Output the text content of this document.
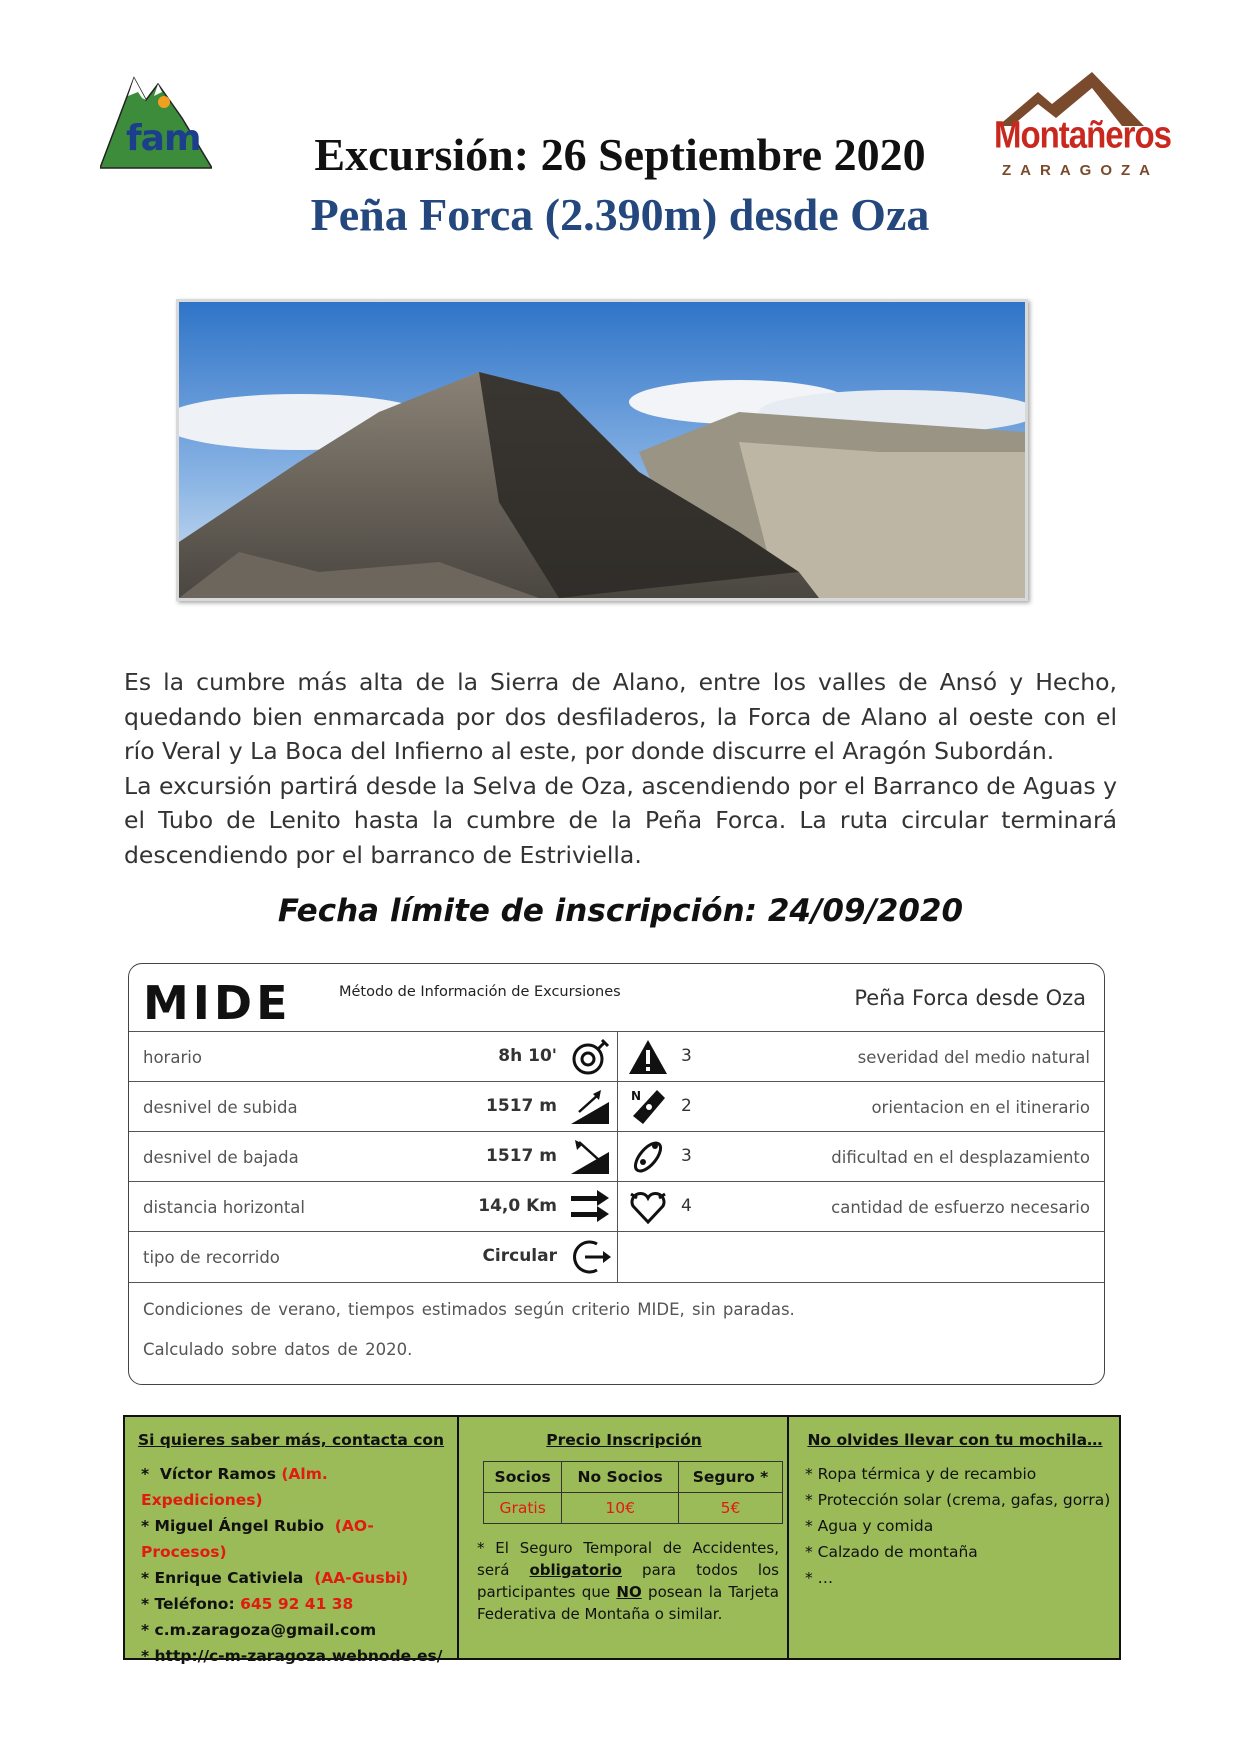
fam	Montañeros
ZARAGOZA
Excursión: 26 Septiembre 2020
Peña Forca (2.390m) desde Oza

Es la cumbre más alta de la Sierra de Alano, entre los valles de Ansó y Hecho, quedando bien enmarcada por dos desfiladeros, la Forca de Alano al oeste con el río Veral y La Boca del Infierno al este, por donde discurre el Aragón Subordán.

La excursión partirá desde la Selva de Oza, ascendiendo por el Barranco de Aguas y el Tubo de Lenito hasta la cumbre de la Peña Forca. La ruta circular terminará descendiendo por el barranco de Estriviella.

Fecha límite de inscripción: 24/09/2020
MIDE	Método de Información de Excursiones	Peña Forca desde Oza
horario	8h 10'	3	severidad del medio natural
desnivel de subida	1517 m	N 2	orientacion en el itinerario
desnivel de bajada	1517 m	3	dificultad en el desplazamiento
distancia horizontal	14,0 Km	4	cantidad de esfuerzo necesario
tipo de recorrido	Circular
Condiciones de verano, tiempos estimados según criterio MIDE, sin paradas.
Calculado sobre datos de 2020.
Si quieres saber más, contacta con
*  Víctor Ramos (Alm. Expediciones)
* Miguel Ángel Rubio (AO-Procesos)
* Enrique Cativiela (AA-Gusbi)
* Teléfono: 645 92 41 38
* c.m.zaragoza@gmail.com
* http://c-m-zaragoza.webnode.es/
Precio Inscripción
Socios	No Socios	Seguro *
Gratis	10€	5€
* El Seguro Temporal de Accidentes, será obligatorio para todos los participantes que NO posean la Tarjeta Federativa de Montaña o similar.
No olvides llevar con tu mochila…
* Ropa térmica y de recambio
* Protección solar (crema, gafas, gorra)
* Agua y comida
* Calzado de montaña
* …
